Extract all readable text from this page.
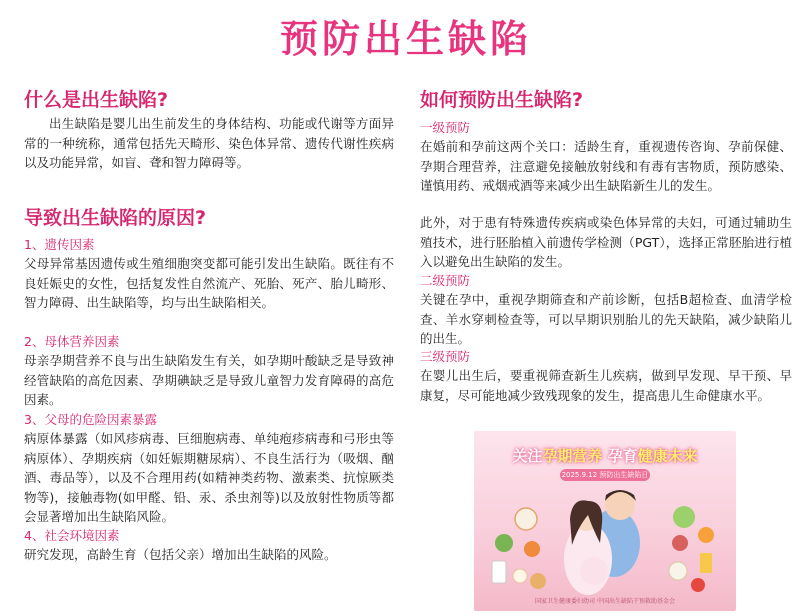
预防出生缺陷
什么是出生缺陷?
出生缺陷是婴儿出生前发生的身体结构、功能或代谢等方面异常的一种统称，通常包括先天畸形、染色体异常、遗传代谢性疾病以及功能异常，如盲、聋和智力障碍等。
导致出生缺陷的原因?
1、遗传因素
父母异常基因遗传或生殖细胞突变都可能引发出生缺陷。既往有不良妊娠史的女性，包括复发性自然流产、死胎、死产、胎儿畸形、智力障碍、出生缺陷等，均与出生缺陷相关。
2、母体营养因素
母亲孕期营养不良与出生缺陷发生有关，如孕期叶酸缺乏是导致神经管缺陷的高危因素、孕期碘缺乏是导致儿童智力发育障碍的高危因素。
3、父母的危险因素暴露
病原体暴露（如风疹病毒、巨细胞病毒、单纯疱疹病毒和弓形虫等病原体）、孕期疾病（如妊娠期糖尿病）、不良生活行为（吸烟、酗酒、毒品等），以及不合理用药(如精神类药物、激素类、抗惊厥类物等)，接触毒物(如甲醛、铅、汞、杀虫剂等)以及放射性物质等都会显著增加出生缺陷风险。
4、社会环境因素
研究发现，高龄生育（包括父亲）增加出生缺陷的风险。
如何预防出生缺陷?
一级预防
在婚前和孕前这两个关口：适龄生育，重视遗传咨询、孕前保健、孕期合理营养，注意避免接触放射线和有毒有害物质，预防感染、谨慎用药、戒烟戒酒等来减少出生缺陷新生儿的发生。
此外，对于患有特殊遗传疾病或染色体异常的夫妇，可通过辅助生殖技术，进行胚胎植入前遗传学检测（PGT），选择正常胚胎进行植入以避免出生缺陷的发生。
二级预防
关键在孕中，重视孕期筛查和产前诊断，包括B超检查、血清学检查、羊水穿刺检查等，可以早期识别胎儿的先天缺陷，减少缺陷儿的出生。
三级预防
在婴儿出生后，要重视筛查新生儿疾病，做到早发现、早干预、早康复，尽可能地减少致残现象的发生，提高患儿生命健康水平。
关注孕期营养 孕育健康未来
2025.9.12 预防出生缺陷日
国家卫生健康委妇幼司 中国出生缺陷干预救助基金会
